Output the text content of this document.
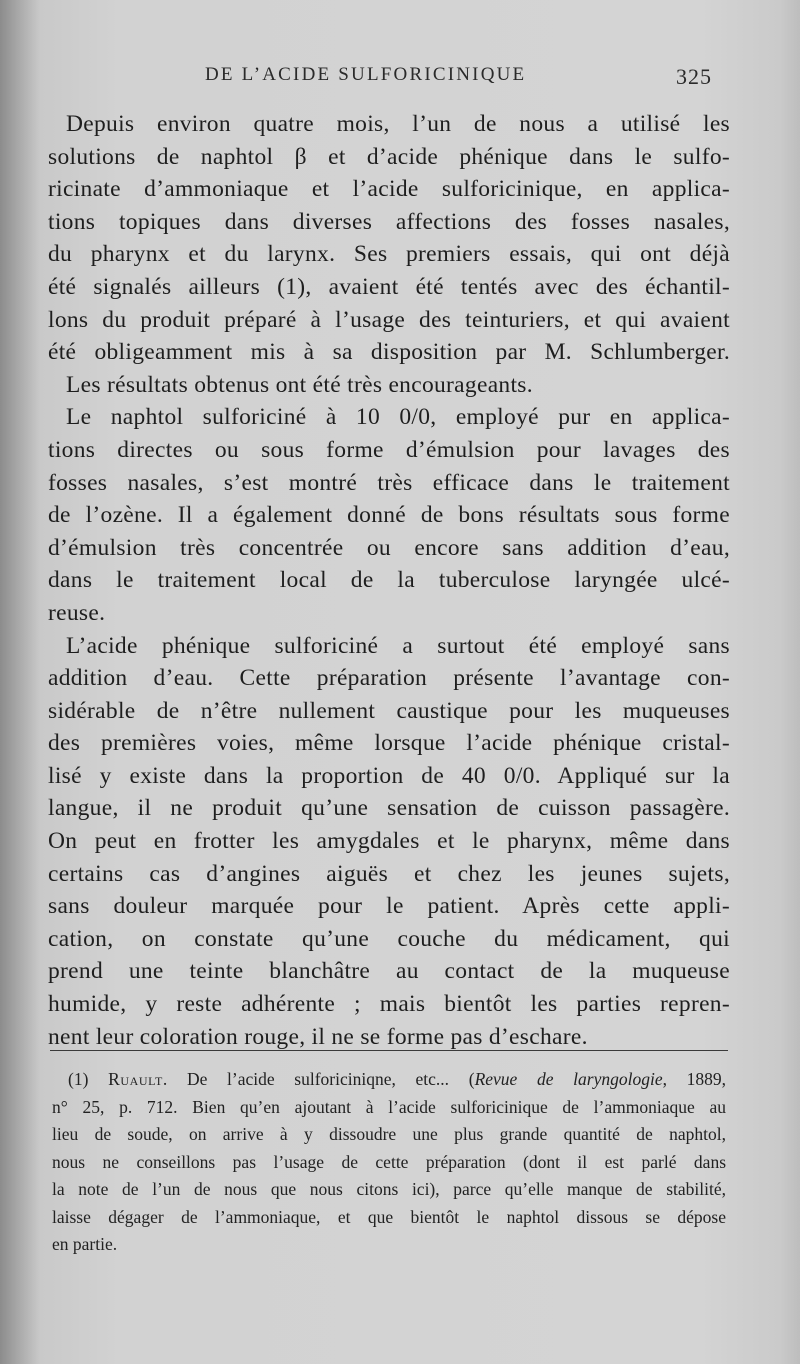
DE L’ACIDE SULFORICINIQUE	325
Depuis environ quatre mois, l’un de nous a utilisé les
solutions de naphtol β et d’acide phénique dans le sulfo-
ricinate d’ammoniaque et l’acide sulforicinique, en applica-
tions topiques dans diverses affections des fosses nasales,
du pharynx et du larynx. Ses premiers essais, qui ont déjà
été signalés ailleurs (1), avaient été tentés avec des échantil-
lons du produit préparé à l’usage des teinturiers, et qui avaient
été obligeamment mis à sa disposition par M. Schlumberger.
Les résultats obtenus ont été très encourageants.
Le naphtol sulforiciné à 10 0/0, employé pur en applica-
tions directes ou sous forme d’émulsion pour lavages des
fosses nasales, s’est montré très efficace dans le traitement
de l’ozène. Il a également donné de bons résultats sous forme
d’émulsion très concentrée ou encore sans addition d’eau,
dans le traitement local de la tuberculose laryngée ulcé-
reuse.
L’acide phénique sulforiciné a surtout été employé sans
addition d’eau. Cette préparation présente l’avantage con-
sidérable de n’être nullement caustique pour les muqueuses
des premières voies, même lorsque l’acide phénique cristal-
lisé y existe dans la proportion de 40 0/0. Appliqué sur la
langue, il ne produit qu’une sensation de cuisson passagère.
On peut en frotter les amygdales et le pharynx, même dans
certains cas d’angines aiguës et chez les jeunes sujets,
sans douleur marquée pour le patient. Après cette appli-
cation, on constate qu’une couche du médicament, qui
prend une teinte blanchâtre au contact de la muqueuse
humide, y reste adhérente ; mais bientôt les parties repren-
nent leur coloration rouge, il ne se forme pas d’eschare.
(1) Ruault. De l’acide sulforiciniqne, etc... (Revue de laryngologie, 1889,
n° 25, p. 712. Bien qu’en ajoutant à l’acide sulforicinique de l’ammoniaque au
lieu de soude, on arrive à y dissoudre une plus grande quantité de naphtol,
nous ne conseillons pas l’usage de cette préparation (dont il est parlé dans
la note de l’un de nous que nous citons ici), parce qu’elle manque de stabilité,
laisse dégager de l’ammoniaque, et que bientôt le naphtol dissous se dépose
en partie.
